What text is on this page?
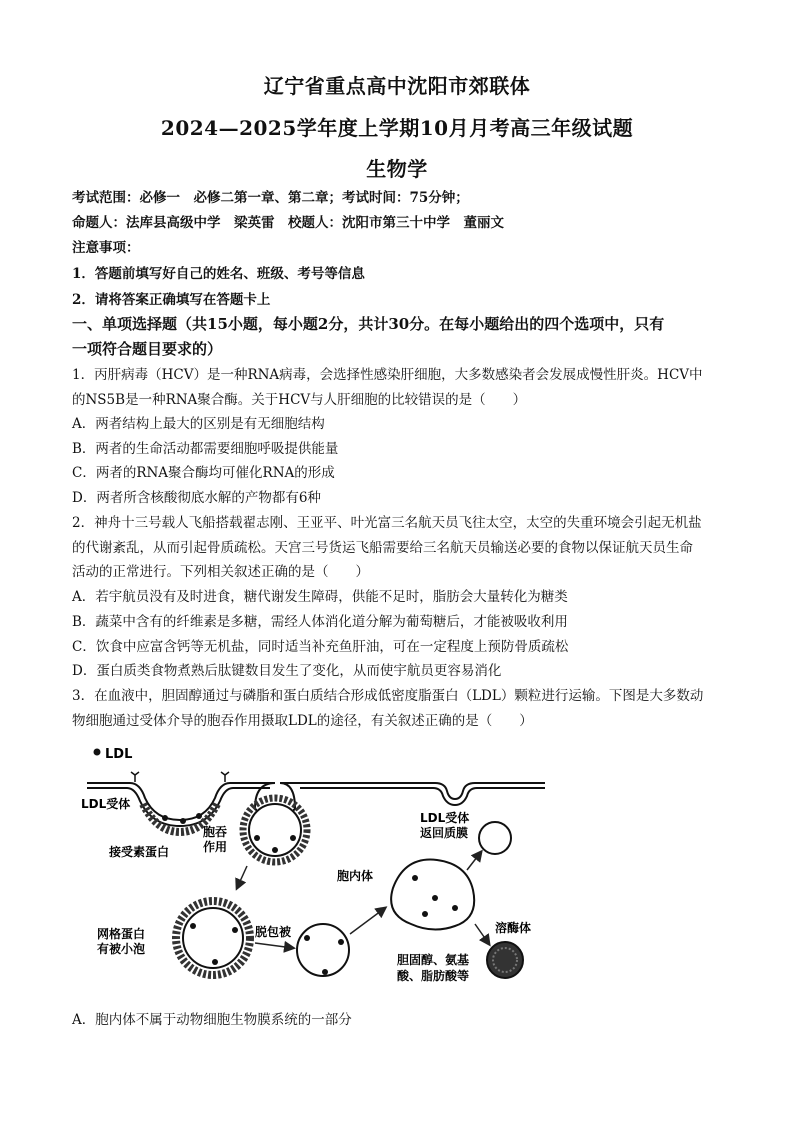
辽宁省重点高中沈阳市郊联体
2024—2025学年度上学期10月月考高三年级试题
生物学
考试范围：必修一　必修二第一章、第二章；考试时间：75分钟；
命题人：法库县高级中学　梁英雷　校题人：沈阳市第三十中学　董丽文
注意事项：
1．答题前填写好自己的姓名、班级、考号等信息
2．请将答案正确填写在答题卡上
一、单项选择题（共15小题，每小题2分，共计30分。在每小题给出的四个选项中，只有
一项符合题目要求的）
1．丙肝病毒（HCV）是一种RNA病毒，会选择性感染肝细胞，大多数感染者会发展成慢性肝炎。HCV中
的NS5B是一种RNA聚合酶。关于HCV与人肝细胞的比较错误的是（　　）
A．两者结构上最大的区别是有无细胞结构
B．两者的生命活动都需要细胞呼吸提供能量
C．两者的RNA聚合酶均可催化RNA的形成
D．两者所含核酸彻底水解的产物都有6种
2．神舟十三号载人飞船搭载翟志刚、王亚平、叶光富三名航天员飞往太空，太空的失重环境会引起无机盐
的代谢紊乱，从而引起骨质疏松。天宫三号货运飞船需要给三名航天员输送必要的食物以保证航天员生命
活动的正常进行。下列相关叙述正确的是（　　）
A．若宇航员没有及时进食，糖代谢发生障碍，供能不足时，脂肪会大量转化为糖类
B．蔬菜中含有的纤维素是多糖，需经人体消化道分解为葡萄糖后，才能被吸收利用
C．饮食中应富含钙等无机盐，同时适当补充鱼肝油，可在一定程度上预防骨质疏松
D．蛋白质类食物煮熟后肽键数目发生了变化，从而使宇航员更容易消化
3．在血液中，胆固醇通过与磷脂和蛋白质结合形成低密度脂蛋白（LDL）颗粒进行运输。下图是大多数动
物细胞通过受体介导的胞吞作用摄取LDL的途径，有关叙述正确的是（　　）
LDL
LDL受体
接受素蛋白
胞吞
作用
LDL受体
返回质膜
胞内体
网格蛋白
有被小泡
脱包被	溶酶体
胆固醇、氨基
酸、脂肪酸等
A．胞内体不属于动物细胞生物膜系统的一部分
